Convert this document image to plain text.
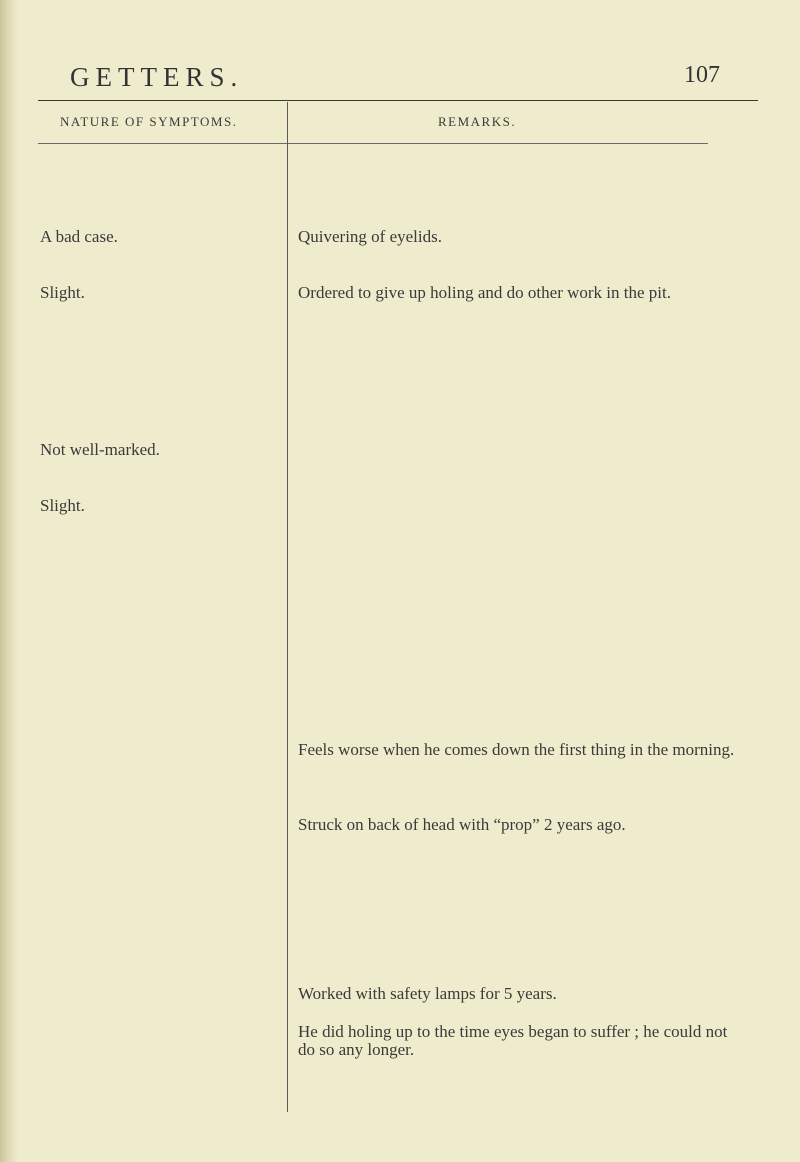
GETTERS.	107
NATURE OF SYMPTOMS.	REMARKS.
A bad case.
Slight.
Not well-marked.
Slight.
Quivering of eyelids.
Ordered to give up holing and do other work in the pit.
Feels worse when he comes down the first thing in the morning.
Struck on back of head with “prop” 2 years ago.
Worked with safety lamps for 5 years.
He did holing up to the time eyes began to suffer ; he could not do so any longer.
